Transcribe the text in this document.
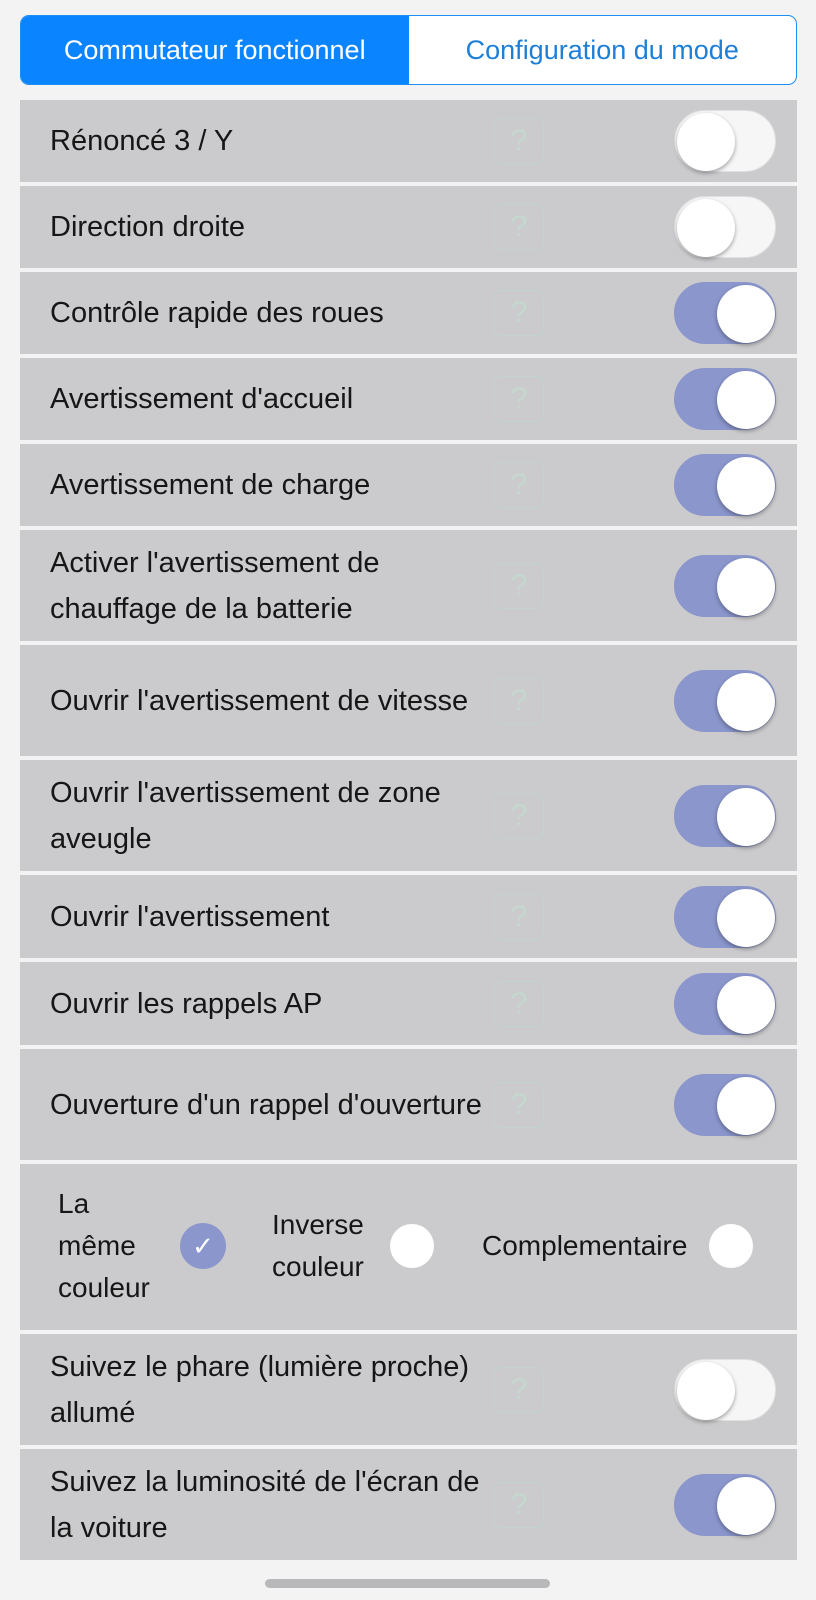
Commutateur fonctionnel	Configuration du mode
Rénoncé 3 / Y	?
Direction droite	?
Contrôle rapide des roues	?
Avertissement d'accueil	?
Avertissement de charge	?
Activer l'avertissement de chauffage de la batterie
?
Ouvrir l'avertissement de vitesse	?
Ouvrir l'avertissement de zone aveugle
?
Ouvrir l'avertissement	?
Ouvrir les rappels AP	?
Ouverture d'un rappel d'ouverture ?
La même couleur
✓
Inverse couleur
Complementaire
Suivez le phare (lumière proche) allumé
?
Suivez la luminosité de l'écran de la voiture
?
